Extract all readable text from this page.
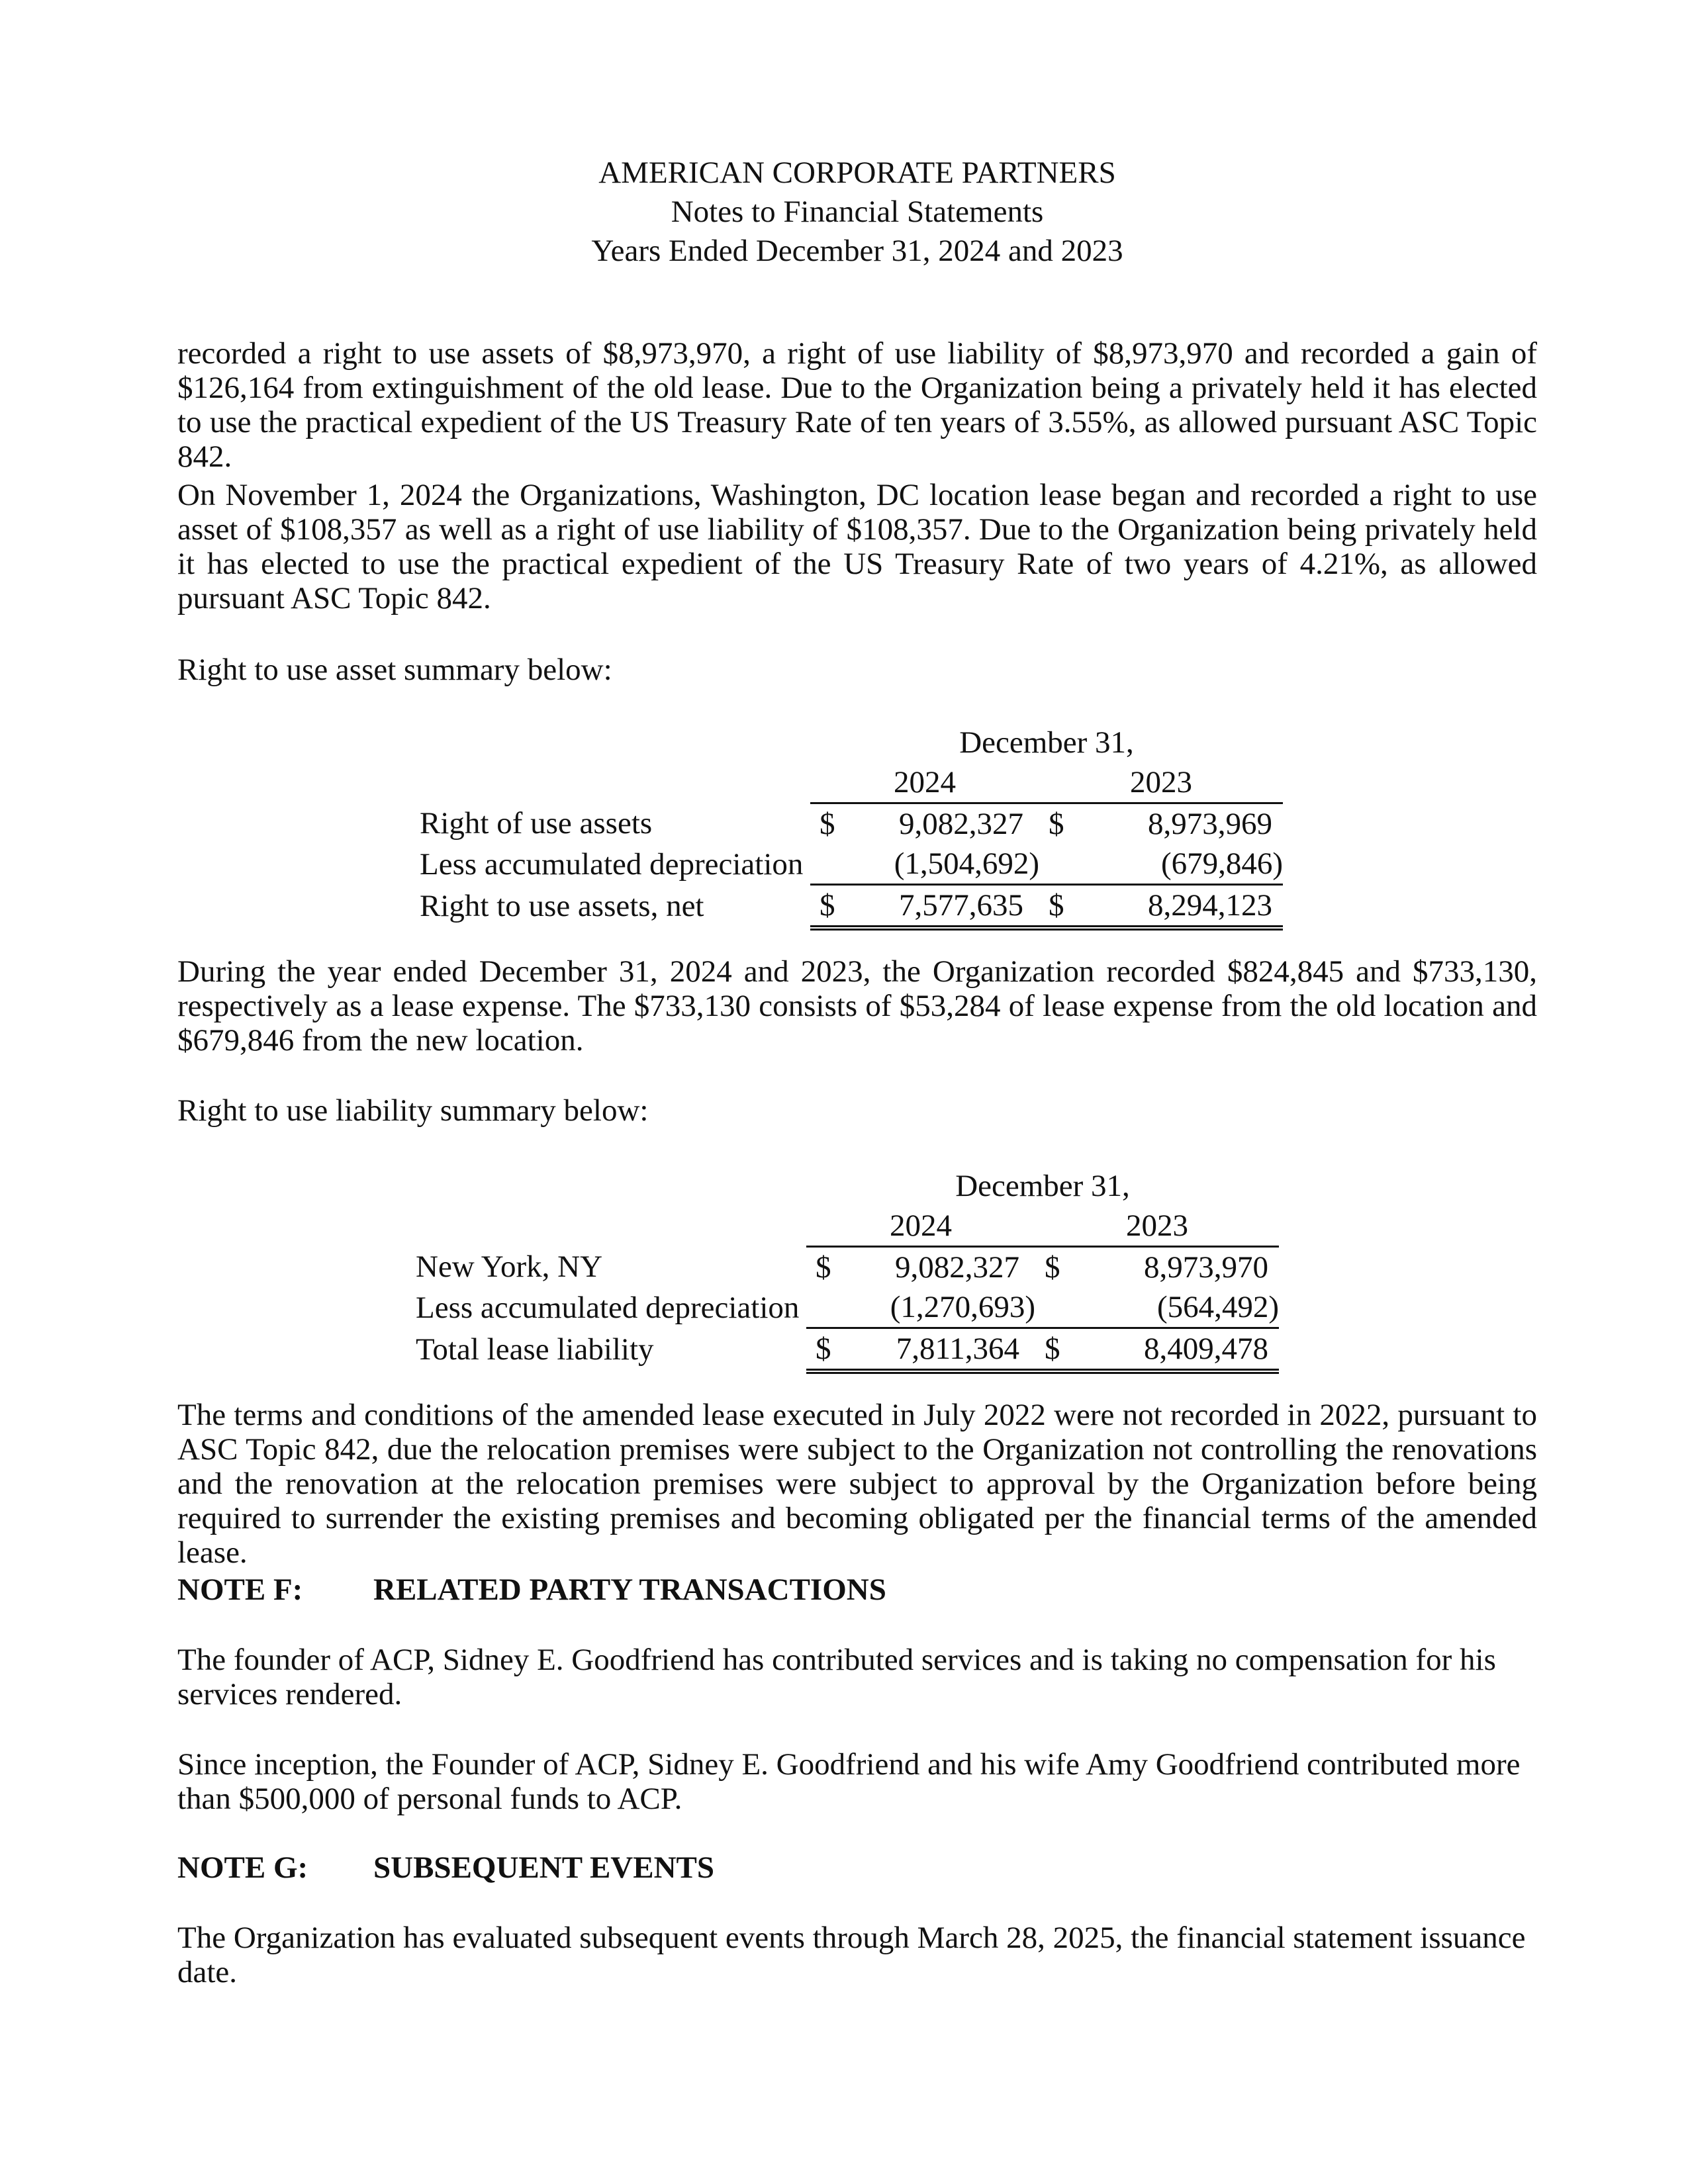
AMERICAN CORPORATE PARTNERS
Notes to Financial Statements
Years Ended December 31, 2024 and 2023

recorded a right to use assets of $8,973,970, a right of use liability of $8,973,970 and recorded a gain of $126,164 from extinguishment of the old lease. Due to the Organization being a privately held it has elected to use the practical expedient of the US Treasury Rate of ten years of 3.55%, as allowed pursuant ASC Topic 842.

On November 1, 2024 the Organizations, Washington, DC location lease began and recorded a right to use asset of $108,357 as well as a right of use liability of $108,357. Due to the Organization being privately held it has elected to use the practical expedient of the US Treasury Rate of two years of 4.21%, as allowed pursuant ASC Topic 842.

Right to use asset summary below:

	December 31,			
	2024		2023	
Right of use assets	$	9,082,327	$	8,973,969
Less accumulated depreciation		(1,504,692)		(679,846)
Right to use assets, net	$	7,577,635	$	8,294,123

During the year ended December 31, 2024 and 2023, the Organization recorded $824,845 and $733,130, respectively as a lease expense. The $733,130 consists of $53,284 of lease expense from the old location and $679,846 from the new location.

Right to use liability summary below:

	December 31,			
	2024		2023	
New York, NY	$	9,082,327	$	8,973,970
Less accumulated depreciation		(1,270,693)		(564,492)
Total lease liability	$	7,811,364	$	8,409,478

The terms and conditions of the amended lease executed in July 2022 were not recorded in 2022, pursuant to ASC Topic 842, due the relocation premises were subject to the Organization not controlling the renovations and the renovation at the relocation premises were subject to approval by the Organization before being required to surrender the existing premises and becoming obligated per the financial terms of the amended lease.

NOTE F: RELATED PARTY TRANSACTIONS

The founder of ACP, Sidney E. Goodfriend has contributed services and is taking no compensation for his services rendered.

Since inception, the Founder of ACP, Sidney E. Goodfriend and his wife Amy Goodfriend contributed more than $500,000 of personal funds to ACP.

NOTE G: SUBSEQUENT EVENTS

The Organization has evaluated subsequent events through March 28, 2025, the financial statement issuance date.
